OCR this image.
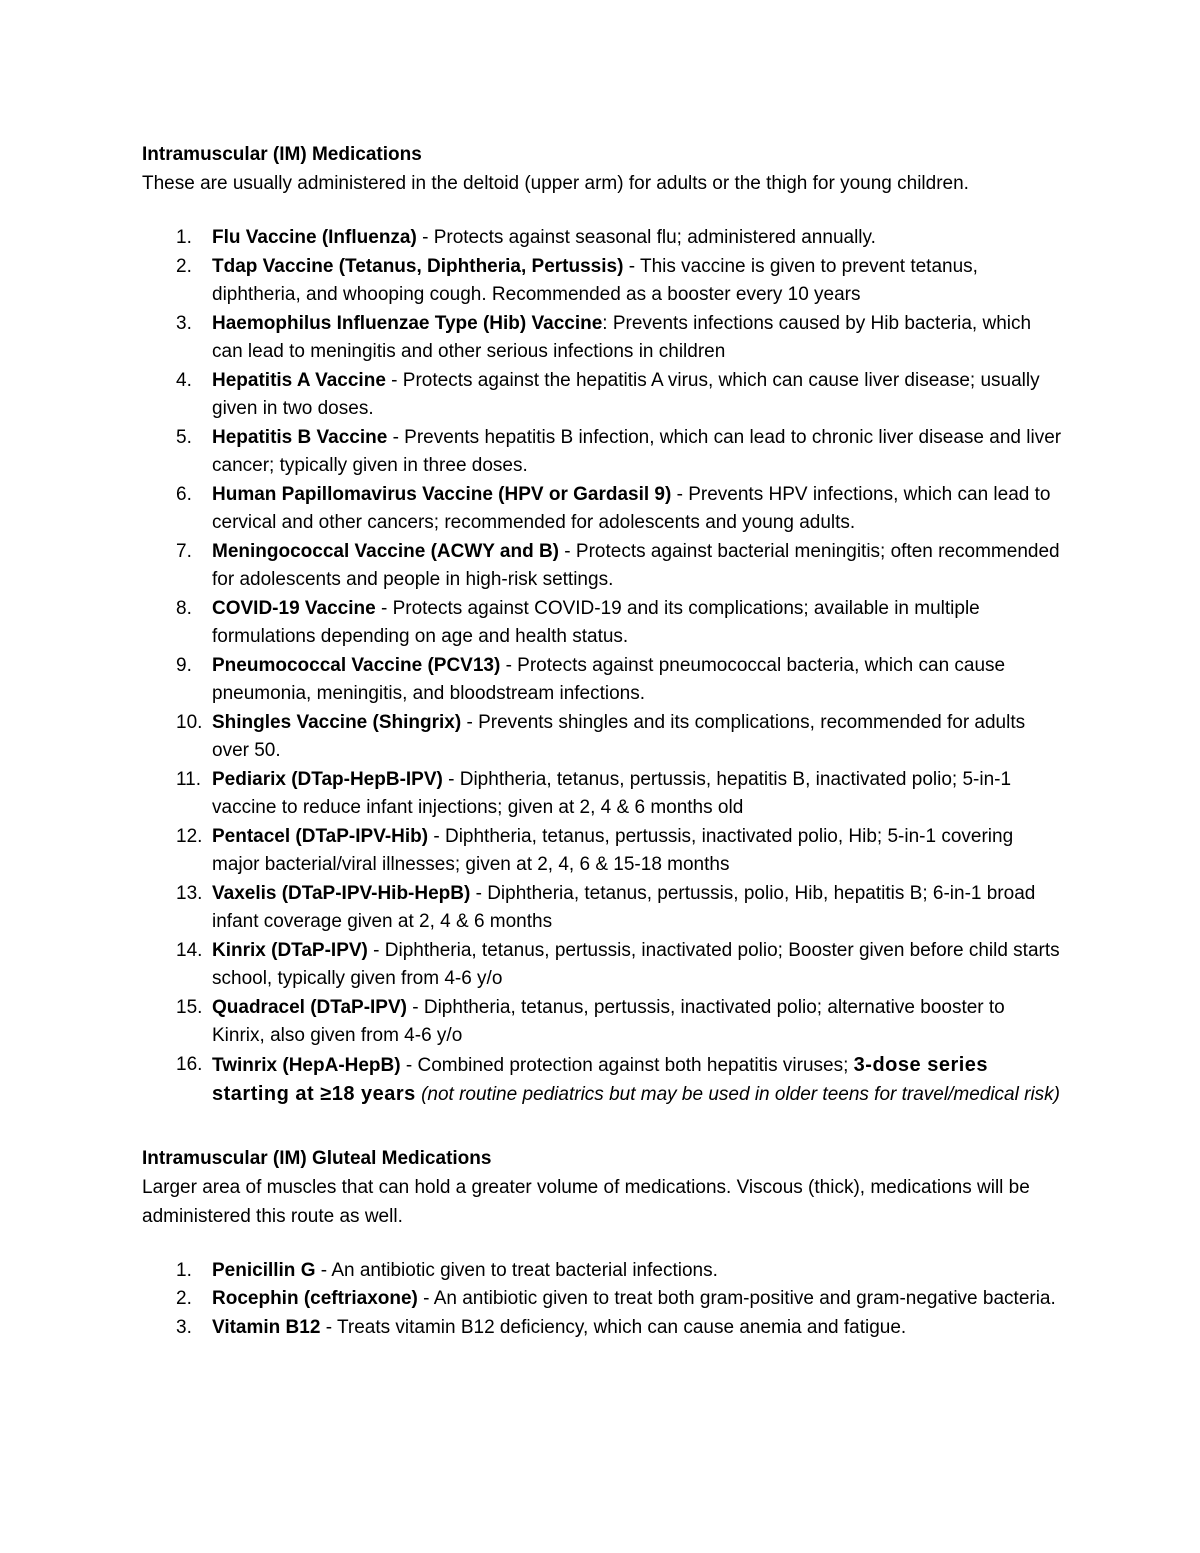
Intramuscular (IM) Medications

These are usually administered in the deltoid (upper arm) for adults or the thigh for young children.

1. Flu Vaccine (Influenza) - Protects against seasonal flu; administered annually.
2. Tdap Vaccine (Tetanus, Diphtheria, Pertussis) - This vaccine is given to prevent tetanus, diphtheria, and whooping cough. Recommended as a booster every 10 years
3. Haemophilus Influenzae Type (Hib) Vaccine: Prevents infections caused by Hib bacteria, which can lead to meningitis and other serious infections in children
4. Hepatitis A Vaccine - Protects against the hepatitis A virus, which can cause liver disease; usually given in two doses.
5. Hepatitis B Vaccine - Prevents hepatitis B infection, which can lead to chronic liver disease and liver cancer; typically given in three doses.
6. Human Papillomavirus Vaccine (HPV or Gardasil 9) - Prevents HPV infections, which can lead to cervical and other cancers; recommended for adolescents and young adults.
7. Meningococcal Vaccine (ACWY and B) - Protects against bacterial meningitis; often recommended for adolescents and people in high-risk settings.
8. COVID-19 Vaccine - Protects against COVID-19 and its complications; available in multiple formulations depending on age and health status.
9. Pneumococcal Vaccine (PCV13) - Protects against pneumococcal bacteria, which can cause pneumonia, meningitis, and bloodstream infections.
10. Shingles Vaccine (Shingrix) - Prevents shingles and its complications, recommended for adults over 50.
11. Pediarix (DTap-HepB-IPV) - Diphtheria, tetanus, pertussis, hepatitis B, inactivated polio; 5-in-1 vaccine to reduce infant injections; given at 2, 4 & 6 months old
12. Pentacel (DTaP-IPV-Hib) - Diphtheria, tetanus, pertussis, inactivated polio, Hib; 5-in-1 covering major bacterial/viral illnesses; given at 2, 4, 6 & 15-18 months
13. Vaxelis (DTaP-IPV-Hib-HepB) - Diphtheria, tetanus, pertussis, polio, Hib, hepatitis B; 6-in-1 broad infant coverage given at 2, 4 & 6 months
14. Kinrix (DTaP-IPV) - Diphtheria, tetanus, pertussis, inactivated polio; Booster given before child starts school, typically given from 4-6 y/o
15. Quadracel (DTaP-IPV) - Diphtheria, tetanus, pertussis, inactivated polio; alternative booster to Kinrix, also given from 4-6 y/o
16. Twinrix (HepA-HepB) - Combined protection against both hepatitis viruses; 3‑dose series starting at ≥18 years (not routine pediatrics but may be used in older teens for travel/medical risk)

Intramuscular (IM) Gluteal Medications

Larger area of muscles that can hold a greater volume of medications. Viscous (thick), medications will be administered this route as well.

1. Penicillin G - An antibiotic given to treat bacterial infections.
2. Rocephin (ceftriaxone) - An antibiotic given to treat both gram-positive and gram-negative bacteria.
3. Vitamin B12 - Treats vitamin B12 deficiency, which can cause anemia and fatigue.
